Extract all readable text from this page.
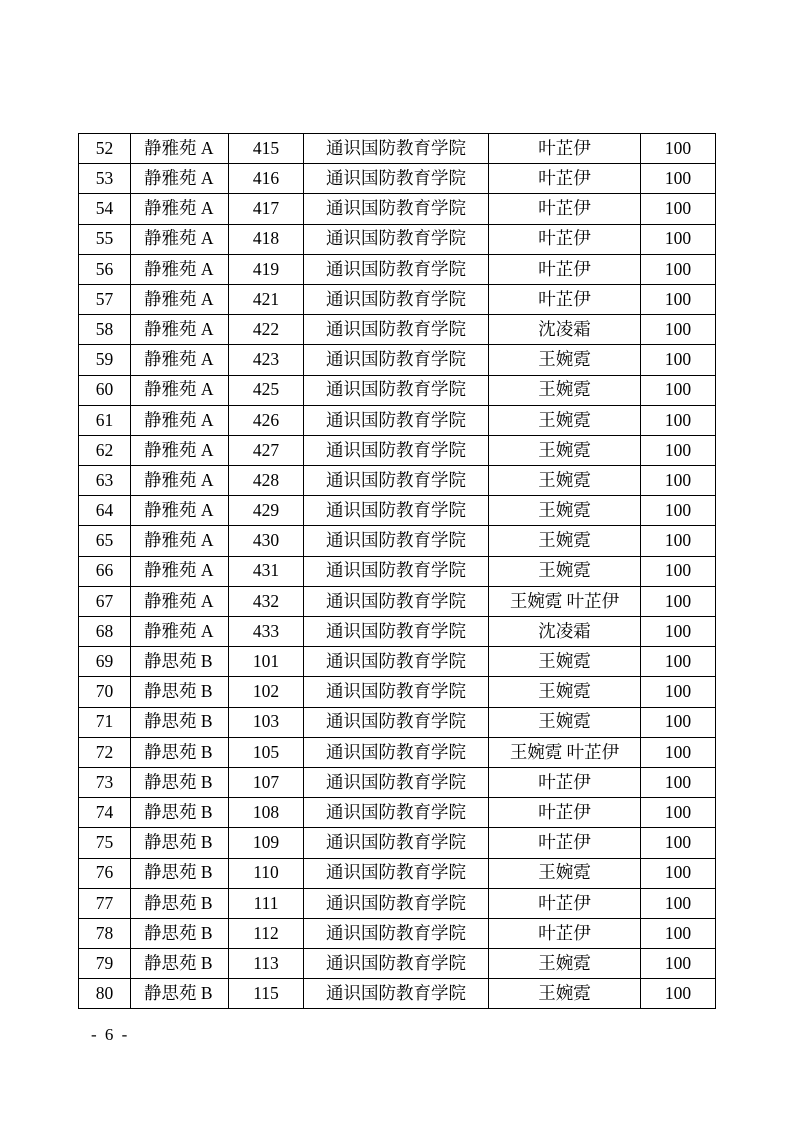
52	静雅苑 A	415	通识国防教育学院	叶芷伊	100
53	静雅苑 A	416	通识国防教育学院	叶芷伊	100
54	静雅苑 A	417	通识国防教育学院	叶芷伊	100
55	静雅苑 A	418	通识国防教育学院	叶芷伊	100
56	静雅苑 A	419	通识国防教育学院	叶芷伊	100
57	静雅苑 A	421	通识国防教育学院	叶芷伊	100
58	静雅苑 A	422	通识国防教育学院	沈凌霜	100
59	静雅苑 A	423	通识国防教育学院	王婉霓	100
60	静雅苑 A	425	通识国防教育学院	王婉霓	100
61	静雅苑 A	426	通识国防教育学院	王婉霓	100
62	静雅苑 A	427	通识国防教育学院	王婉霓	100
63	静雅苑 A	428	通识国防教育学院	王婉霓	100
64	静雅苑 A	429	通识国防教育学院	王婉霓	100
65	静雅苑 A	430	通识国防教育学院	王婉霓	100
66	静雅苑 A	431	通识国防教育学院	王婉霓	100
67	静雅苑 A	432	通识国防教育学院	王婉霓 叶芷伊	100
68	静雅苑 A	433	通识国防教育学院	沈凌霜	100
69	静思苑 B	101	通识国防教育学院	王婉霓	100
70	静思苑 B	102	通识国防教育学院	王婉霓	100
71	静思苑 B	103	通识国防教育学院	王婉霓	100
72	静思苑 B	105	通识国防教育学院	王婉霓 叶芷伊	100
73	静思苑 B	107	通识国防教育学院	叶芷伊	100
74	静思苑 B	108	通识国防教育学院	叶芷伊	100
75	静思苑 B	109	通识国防教育学院	叶芷伊	100
76	静思苑 B	110	通识国防教育学院	王婉霓	100
77	静思苑 B	111	通识国防教育学院	叶芷伊	100
78	静思苑 B	112	通识国防教育学院	叶芷伊	100
79	静思苑 B	113	通识国防教育学院	王婉霓	100
80	静思苑 B	115	通识国防教育学院	王婉霓	100
- 6 -
